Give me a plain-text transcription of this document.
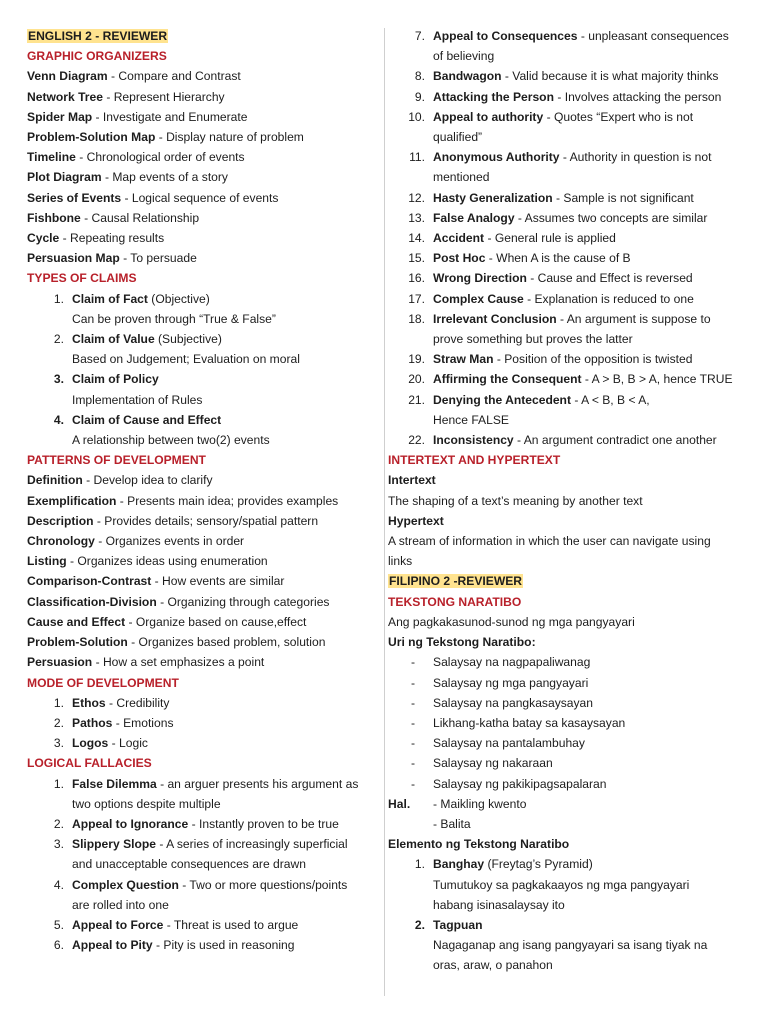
ENGLISH 2 - REVIEWER
GRAPHIC ORGANIZERS
Venn Diagram - Compare and Contrast
Network Tree - Represent Hierarchy
Spider Map - Investigate and Enumerate
Problem-Solution Map - Display nature of problem
Timeline - Chronological order of events
Plot Diagram - Map events of a story
Series of Events - Logical sequence of events
Fishbone - Causal Relationship
Cycle - Repeating results
Persuasion Map - To persuade
TYPES OF CLAIMS
1. Claim of Fact (Objective)
Can be proven through “True & False”
2. Claim of Value (Subjective)
Based on Judgement; Evaluation on moral
3. Claim of Policy
Implementation of Rules
4. Claim of Cause and Effect
A relationship between two(2) events
PATTERNS OF DEVELOPMENT
Definition - Develop idea to clarify
Exemplification - Presents main idea; provides examples
Description - Provides details; sensory/spatial pattern
Chronology - Organizes events in order
Listing - Organizes ideas using enumeration
Comparison-Contrast - How events are similar
Classification-Division - Organizing through categories
Cause and Effect - Organize based on cause,effect
Problem-Solution - Organizes based problem, solution
Persuasion - How a set emphasizes a point
MODE OF DEVELOPMENT
1. Ethos - Credibility
2. Pathos - Emotions
3. Logos - Logic
LOGICAL FALLACIES
1. False Dilemma - an arguer presents his argument as
two options despite multiple
2. Appeal to Ignorance - Instantly proven to be true
3. Slippery Slope - A series of increasingly superficial
and unacceptable consequences are drawn
4. Complex Question - Two or more questions/points
are rolled into one
5. Appeal to Force - Threat is used to argue
6. Appeal to Pity - Pity is used in reasoning
7. Appeal to Consequences - unpleasant consequences
of believing
8. Bandwagon - Valid because it is what majority thinks
9. Attacking the Person - Involves attacking the person
10. Appeal to authority - Quotes “Expert who is not
qualified”
11. Anonymous Authority - Authority in question is not
mentioned
12. Hasty Generalization - Sample is not significant
13. False Analogy - Assumes two concepts are similar
14. Accident - General rule is applied
15. Post Hoc - When A is the cause of B
16. Wrong Direction - Cause and Effect is reversed
17. Complex Cause - Explanation is reduced to one
18. Irrelevant Conclusion - An argument is suppose to
prove something but proves the latter
19. Straw Man - Position of the opposition is twisted
20. Affirming the Consequent - A > B, B > A, hence TRUE
21. Denying the Antecedent - A < B, B < A,
Hence FALSE
22. Inconsistency - An argument contradict one another
INTERTEXT AND HYPERTEXT
Intertext
The shaping of a text’s meaning by another text
Hypertext
A stream of information in which the user can navigate using
links
FILIPINO 2 -REVIEWER
TEKSTONG NARATIBO
Ang pagkakasunod-sunod ng mga pangyayari
Uri ng Tekstong Naratibo:
-	Salaysay na nagpapaliwanag
-	Salaysay ng mga pangyayari
-	Salaysay na pangkasaysayan
-	Likhang-katha batay sa kasaysayan
-	Salaysay na pantalambuhay
-	Salaysay ng nakaraan
-	Salaysay ng pakikipagsapalaran
Hal.	- Maikling kwento
- Balita
Elemento ng Tekstong Naratibo
1. Banghay (Freytag’s Pyramid)
Tumutukoy sa pagkakaayos ng mga pangyayari
habang isinasalaysay ito
2. Tagpuan
Nagaganap ang isang pangyayari sa isang tiyak na
oras, araw, o panahon
